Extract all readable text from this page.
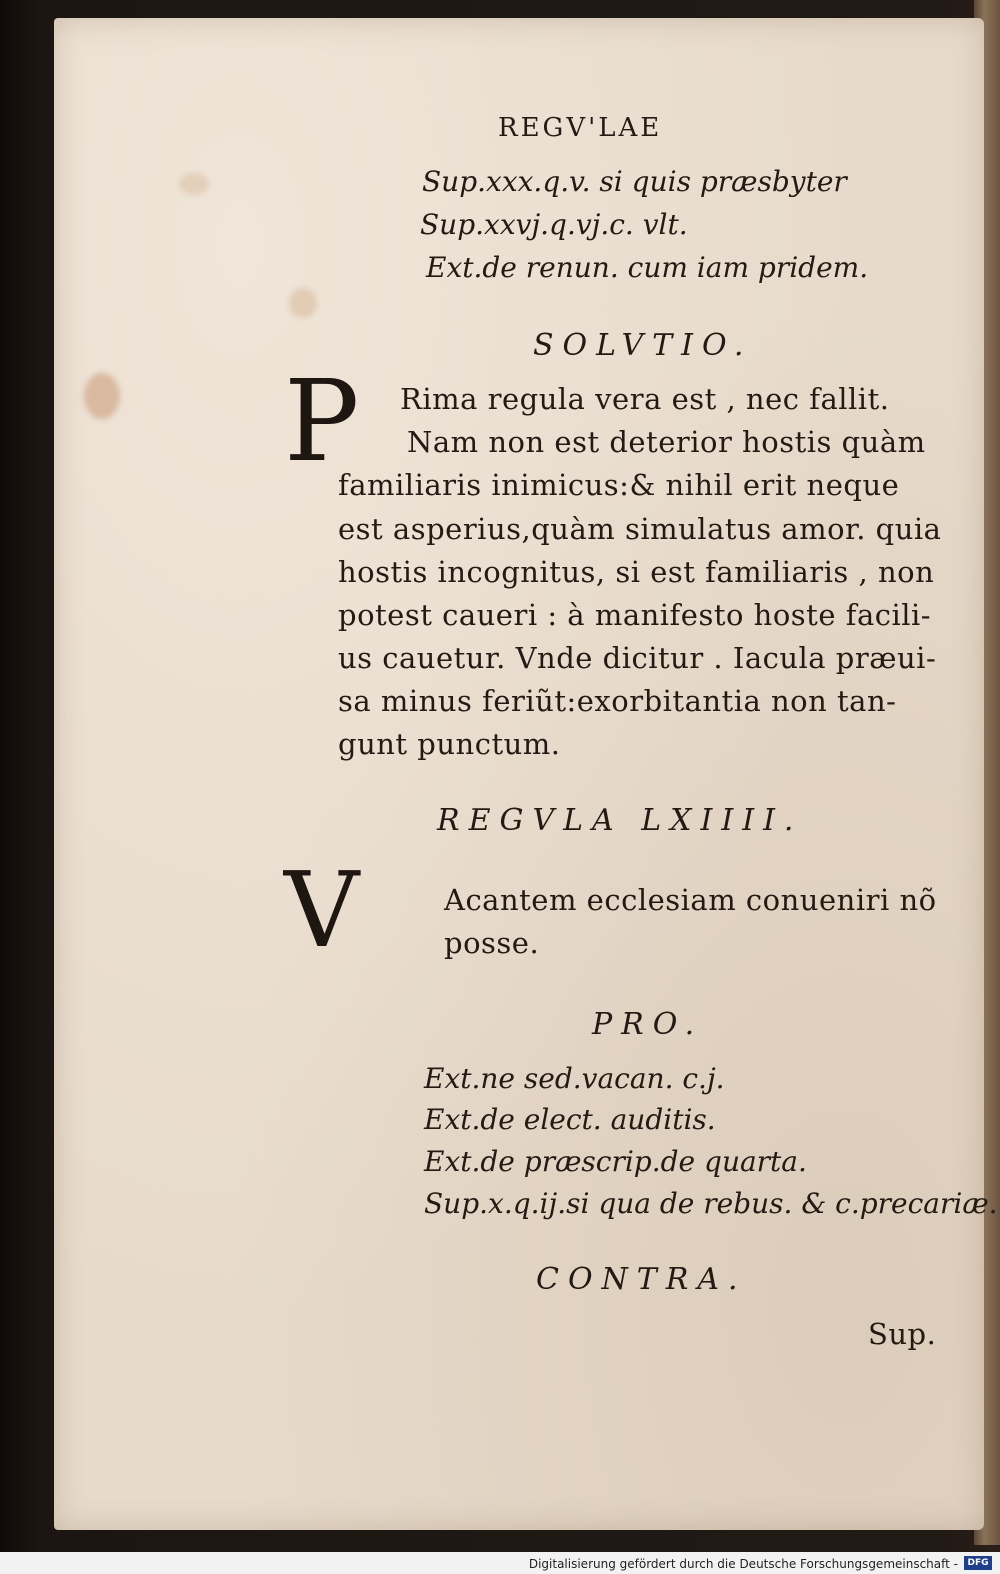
REGV'LAE
Sup.xxx.q.v. si quis præsbyter
Sup.xxvj.q.vj.c. vlt.
Ext.de renun. cum iam pridem.
SOLVTIO.
P Rima regula vera est , nec fallit.
Nam non est deterior hostis quàm
familiaris inimicus:& nihil erit neque
est asperius,quàm simulatus amor. quia
hostis incognitus, si est familiaris , non
potest caueri : à manifesto hoste facili-
us cauetur. Vnde dicitur . Iacula præui-
sa minus feriũt:exorbitantia non tan-
gunt punctum.
REGVLA LXIIII.
V	Acantem ecclesiam conueniri nõ
posse.
PRO.
Ext.ne sed.vacan. c.j.
Ext.de elect. auditis.
Ext.de præscrip.de quarta.
Sup.x.q.ij.si qua de rebus. & c.precariæ.
CONTRA.
Sup.
Digitalisierung gefördert durch die Deutsche Forschungsgemeinschaft -	DFG
